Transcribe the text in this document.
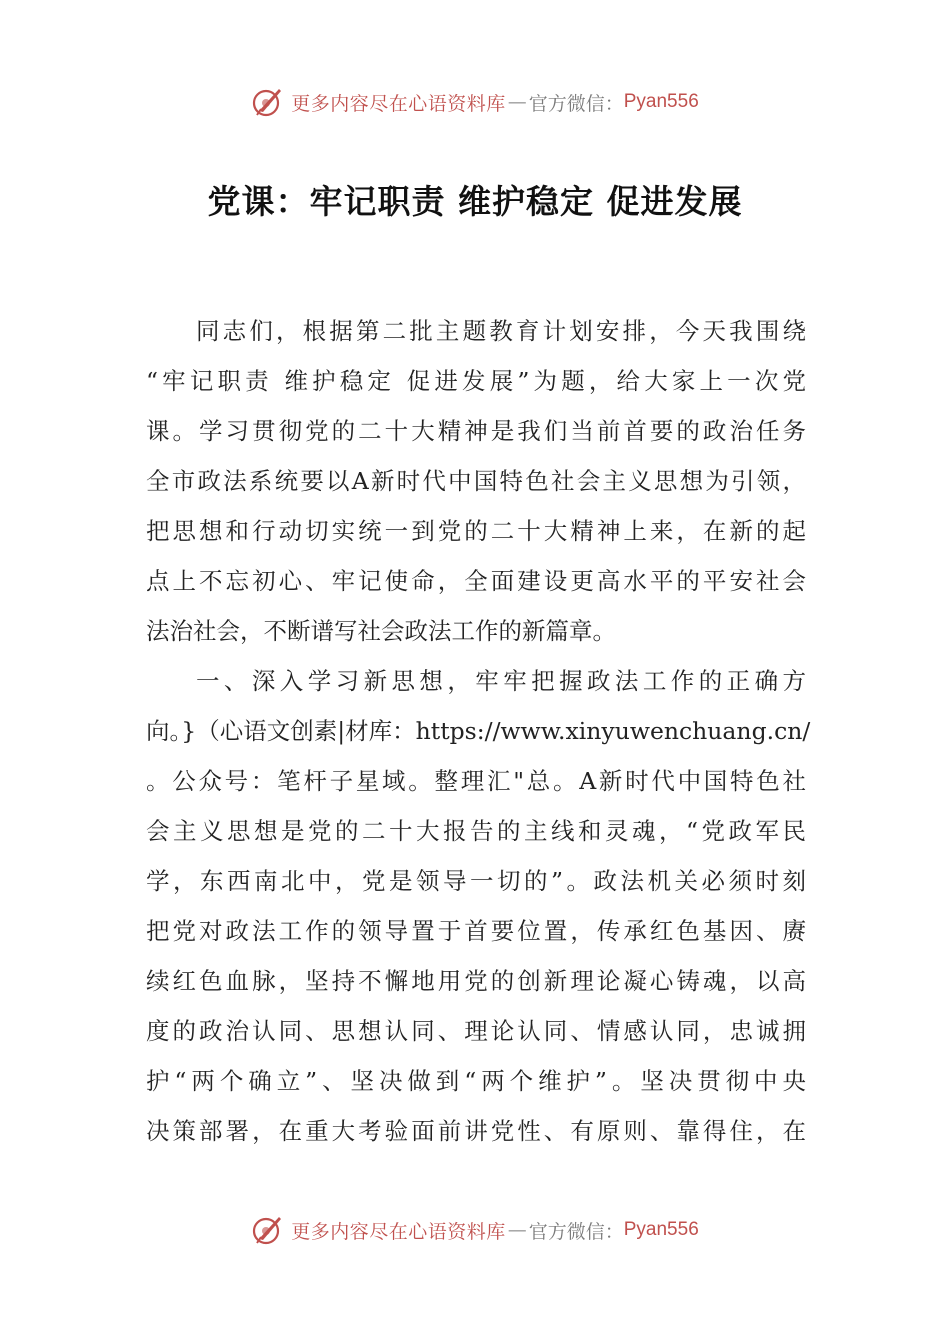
更多内容尽在心语资料库 — 官方微信： Pyan556
党课：牢记职责 维护稳定 促进发展
同志们，根据第二批主题教育计划安排，今天我围绕
“牢记职责 维护稳定 促进发展”为题，给大家上一次党
课。学习贯彻党的二十大精神是我们当前首要的政治任务
全市政法系统要以A新时代中国特色社会主义思想为引领，
把思想和行动切实统一到党的二十大精神上来，在新的起
点上不忘初心、牢记使命，全面建设更高水平的平安社会
法治社会，不断谱写社会政法工作的新篇章。
一、深入学习新思想，牢牢把握政法工作的正确方
向。}（心语文创素|材库：https://www.xinyuwenchuang.cn/
。公众号：笔杆子星域。整理汇"总。A新时代中国特色社
会主义思想是党的二十大报告的主线和灵魂，“党政军民
学，东西南北中，党是领导一切的”。政法机关必须时刻
把党对政法工作的领导置于首要位置，传承红色基因、赓
续红色血脉，坚持不懈地用党的创新理论凝心铸魂，以高
度的政治认同、思想认同、理论认同、情感认同，忠诚拥
护“两个确立”、坚决做到“两个维护”。坚决贯彻中央
决策部署，在重大考验面前讲党性、有原则、靠得住，在
更多内容尽在心语资料库 — 官方微信： Pyan556
